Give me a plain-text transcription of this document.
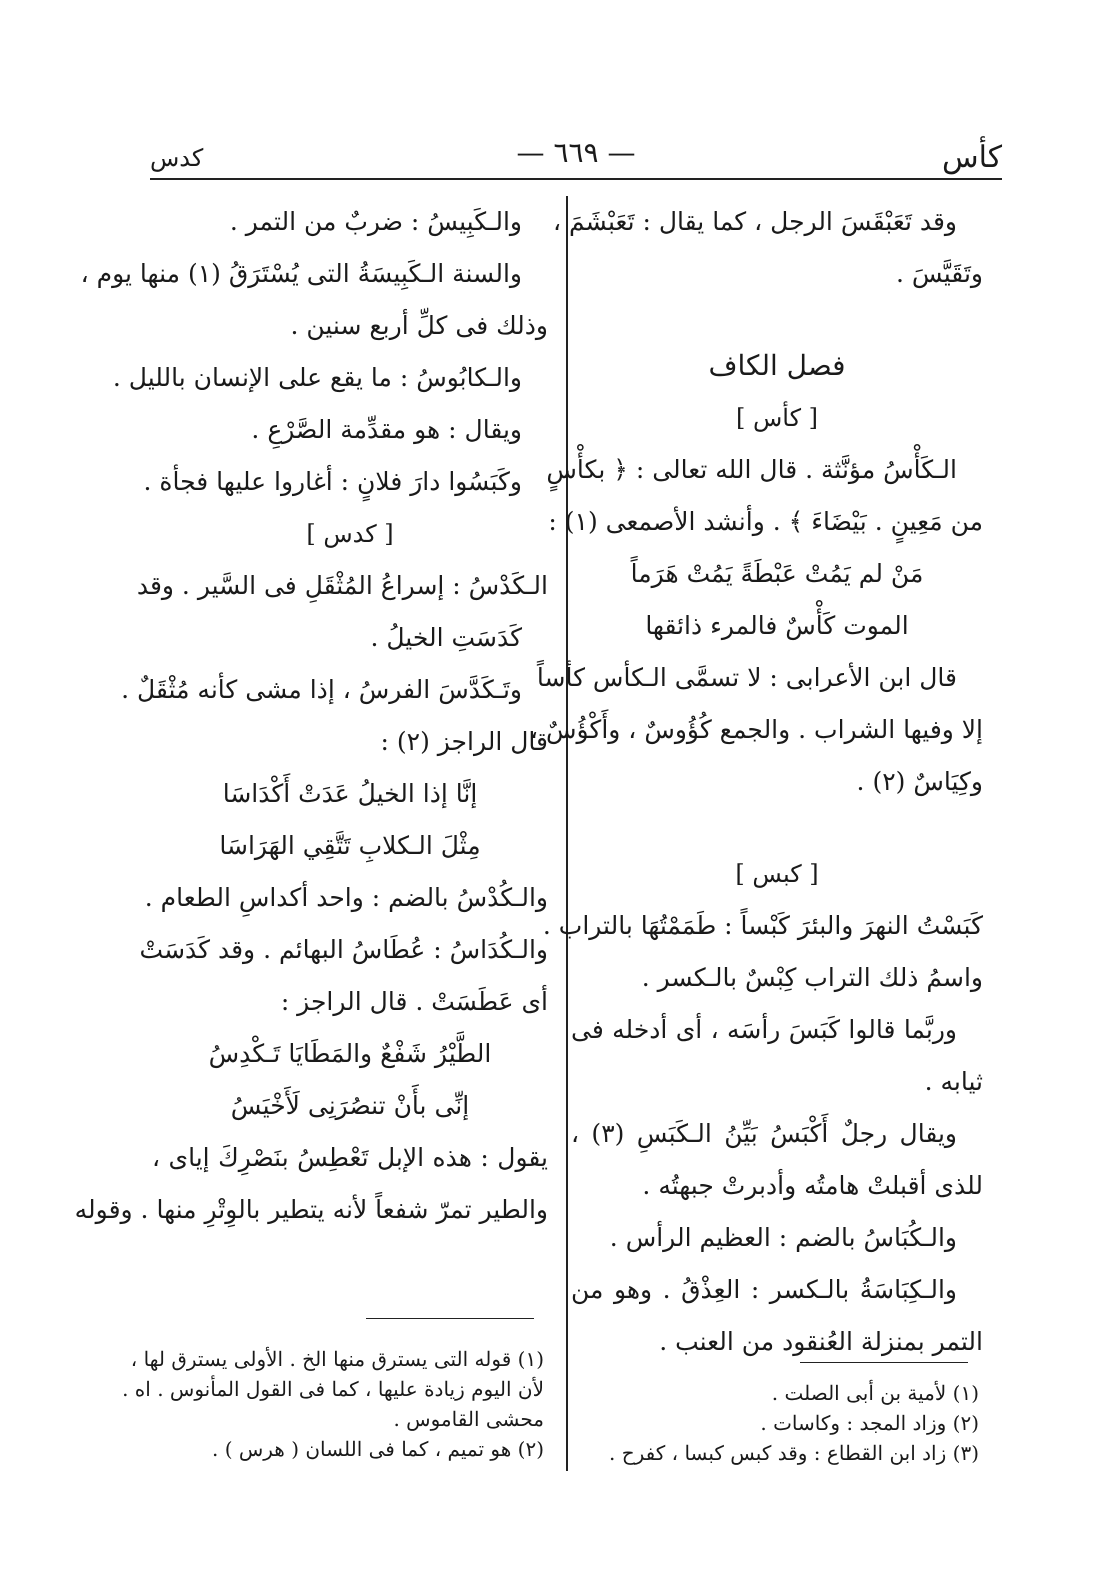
كأس
— ٦٦٩ —
كدس
وقد تَعَبْقَسَ الرجل ، كما يقال : تَعَبْشَمَ ،
وتَقَيَّسَ .
فصل الكاف
[ كأس ]
الـكَأْسُ مؤنَّثة . قال الله تعالى : ﴿ بكأْسٍ
من مَعِينٍ . بَيْضَاءَ ﴾ . وأنشد الأصمعى (١) :
مَنْ لم يَمُتْ عَبْطَةً يَمُتْ هَرَماً
الموت كَأْسٌ فالمرء ذائقها
قال ابن الأعرابى : لا تسمَّى الـكأس كأساً
إلا وفيها الشراب . والجمع كُؤُوسٌ ، وأَكْؤُسٌ ،
وكِيَاسٌ (٢) .
[ كبس ]
كَبَسْتُ النهرَ والبئرَ كَبْساً : طَمَمْتُهَا بالتراب .
واسمُ ذلك التراب كِبْسٌ بالـكسر .
وربَّما قالوا كَبَسَ رأسَه ، أى أدخله فى
ثيابه .
ويقال رجلٌ أَكْبَسُ بَيِّنُ الـكَبَسِ (٣) ،
للذى أقبلتْ هامتُه وأدبرتْ جبهتُه .
والـكُبَاسُ بالضم : العظيم الرأس .
والـكِبَاسَةُ بالـكسر : العِذْقُ . وهو من
التمر بمنزلة العُنقود من العنب .
(١) لأمية بن أبى الصلت .
(٢) وزاد المجد : وكاسات .
(٣) زاد ابن القطاع : وقد كبس كبسا ، كفرح .
والـكَبِيسُ : ضربٌ من التمر .
والسنة الـكَبِيسَةُ التى يُسْتَرَقُ (١) منها يوم ،
وذلك فى كلِّ أربع سنين .
والـكابُوسُ : ما يقع على الإنسان بالليل .
ويقال : هو مقدِّمة الصَّرْعِ .
وكَبَسُوا دارَ فلانٍ : أغاروا عليها فجأة .
[ كدس ]
الـكَدْسُ : إسراعُ المُثْقَلِ فى السَّير . وقد
كَدَسَتِ الخيلُ .
وتَـكَدَّسَ الفرسُ ، إذا مشى كأنه مُثْقَلٌ .
قال الراجز (٢) :
إنَّا إذا الخيلُ عَدَتْ أَكْدَاسَا
مِثْلَ الـكلابِ تَتَّقِي الهَرَاسَا
والـكُدْسُ بالضم : واحد أكداسِ الطعام .
والـكُدَاسُ : عُطَاسُ البهائم . وقد كَدَسَتْ
أى عَطَسَتْ . قال الراجز :
الطَّيْرُ شَفْعٌ والمَطَايَا تَـكْدِسُ
إنِّى بأَنْ تنصُرَنِى لَأَخْيَسُ
يقول : هذه الإبل تَعْطِسُ بنَصْرِكَ إياى ،
والطير تمرّ شفعاً لأنه يتطير بالوِتْرِ منها . وقوله
(١) قوله التى يسترق منها الخ . الأولى يسترق لها ،
لأن اليوم زيادة عليها ، كما فى القول المأنوس . اه .
محشى القاموس .
(٢) هو تميم ، كما فى اللسان ( هرس ) .
